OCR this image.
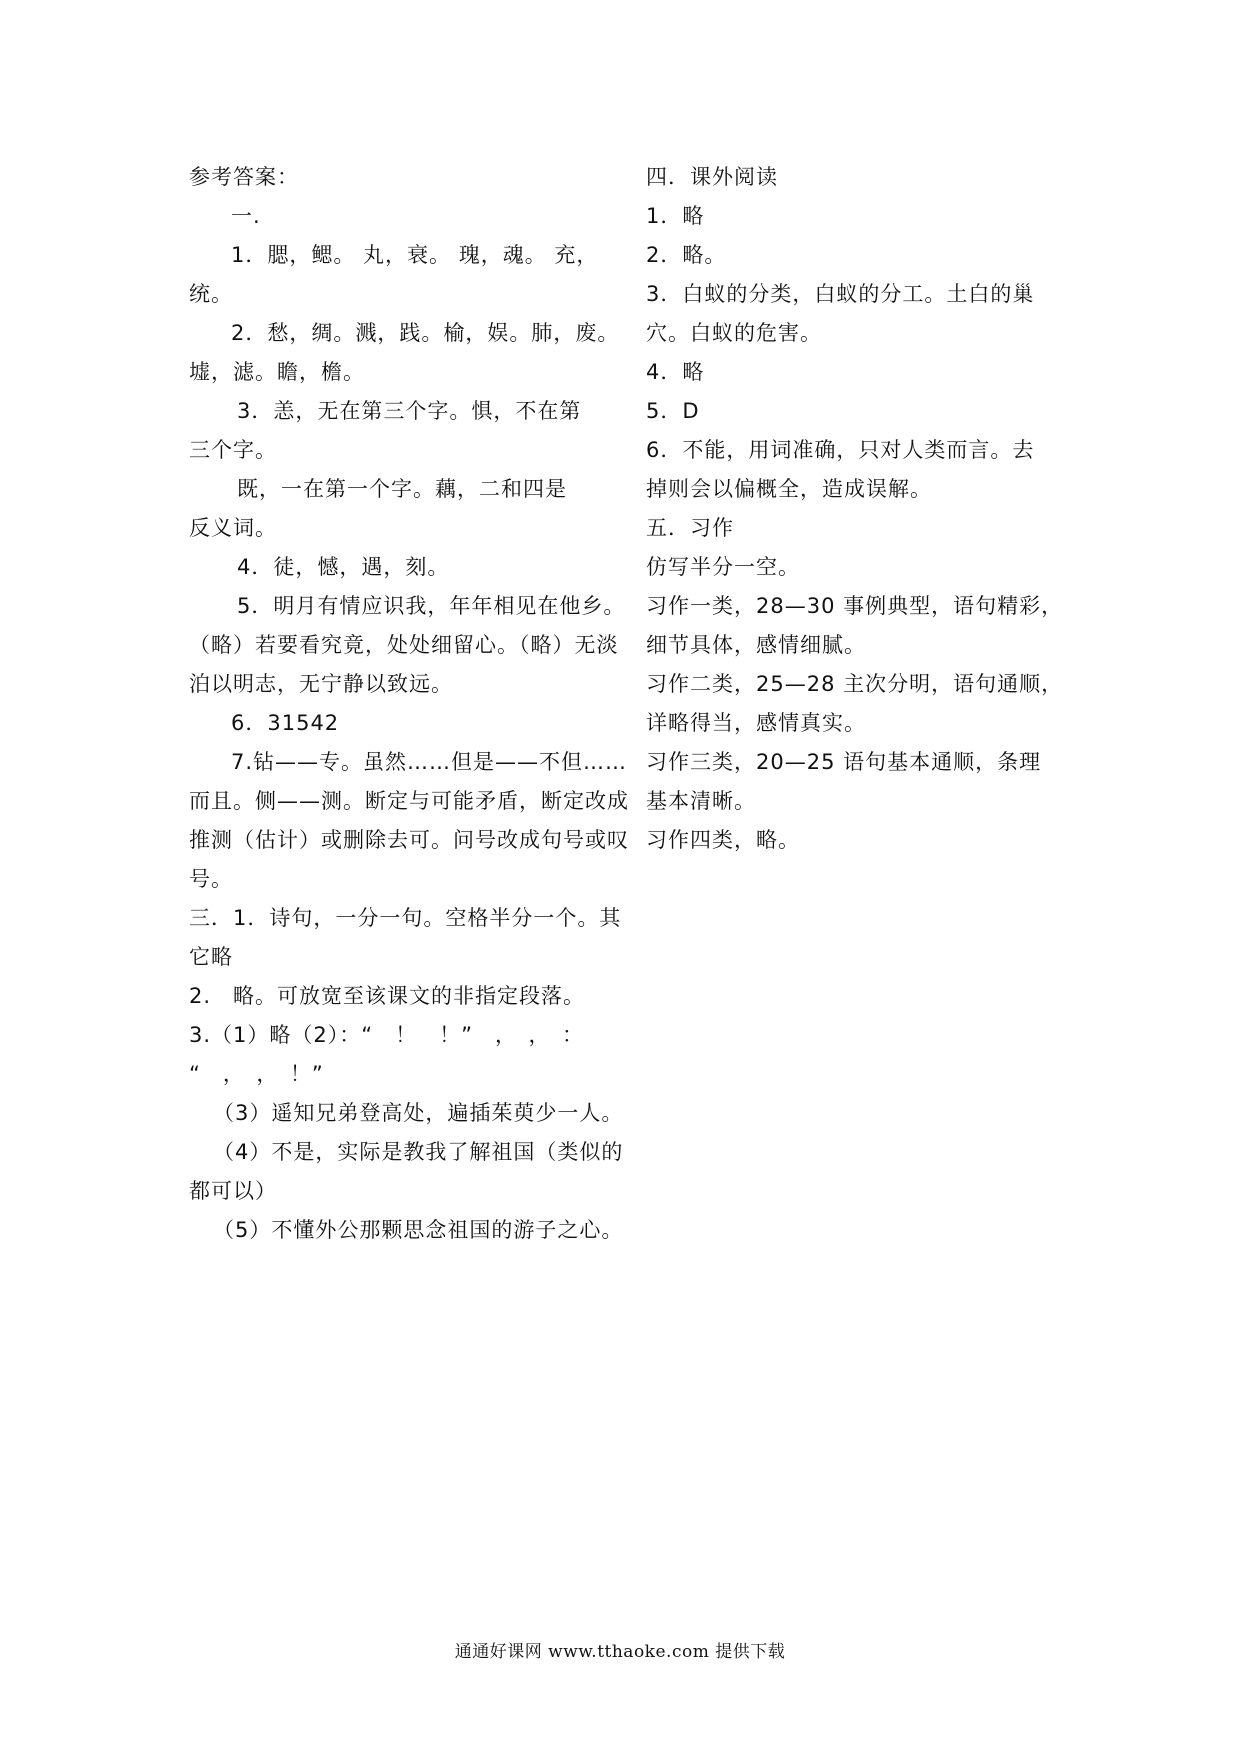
参考答案：
一.
1．腮，鳃。 丸，衰。 瑰，魂。 充，
统。
2．愁，绸。溅，践。榆，娱。肺，废。
墟，滤。瞻，檐。
3．恙，无在第三个字。惧，不在第
三个字。
既，一在第一个字。藕，二和四是
反义词。
4．徒，憾，遇，刻。
5．明月有情应识我，年年相见在他乡。
（略）若要看究竟，处处细留心。（略）无淡
泊以明志，无宁静以致远。
6．31542
7.钻——专。虽然……但是——不但……
而且。侧——测。断定与可能矛盾，断定改成
推测（估计）或删除去可。问号改成句号或叹
号。
三．1．诗句，一分一句。空格半分一个。其
它略
2.　略。可放宽至该课文的非指定段落。
3.（1）略（2）：“　！　！”　，　，　：
“　，　，　！”
（3）遥知兄弟登高处，遍插茱萸少一人。
（4）不是，实际是教我了解祖国（类似的
都可以）
（5）不懂外公那颗思念祖国的游子之心。
四．课外阅读
1．略
2．略。
3．白蚁的分类，白蚁的分工。土白的巢
穴。白蚁的危害。
4．略
5．D
6．不能，用词准确，只对人类而言。去
掉则会以偏概全，造成误解。
五．习作
仿写半分一空。
习作一类，28—30 事例典型，语句精彩，
细节具体，感情细腻。
习作二类，25—28 主次分明，语句通顺，
详略得当，感情真实。
习作三类，20—25 语句基本通顺，条理
基本清晰。
习作四类，略。
通通好课网 www.tthaoke.com 提供下载
